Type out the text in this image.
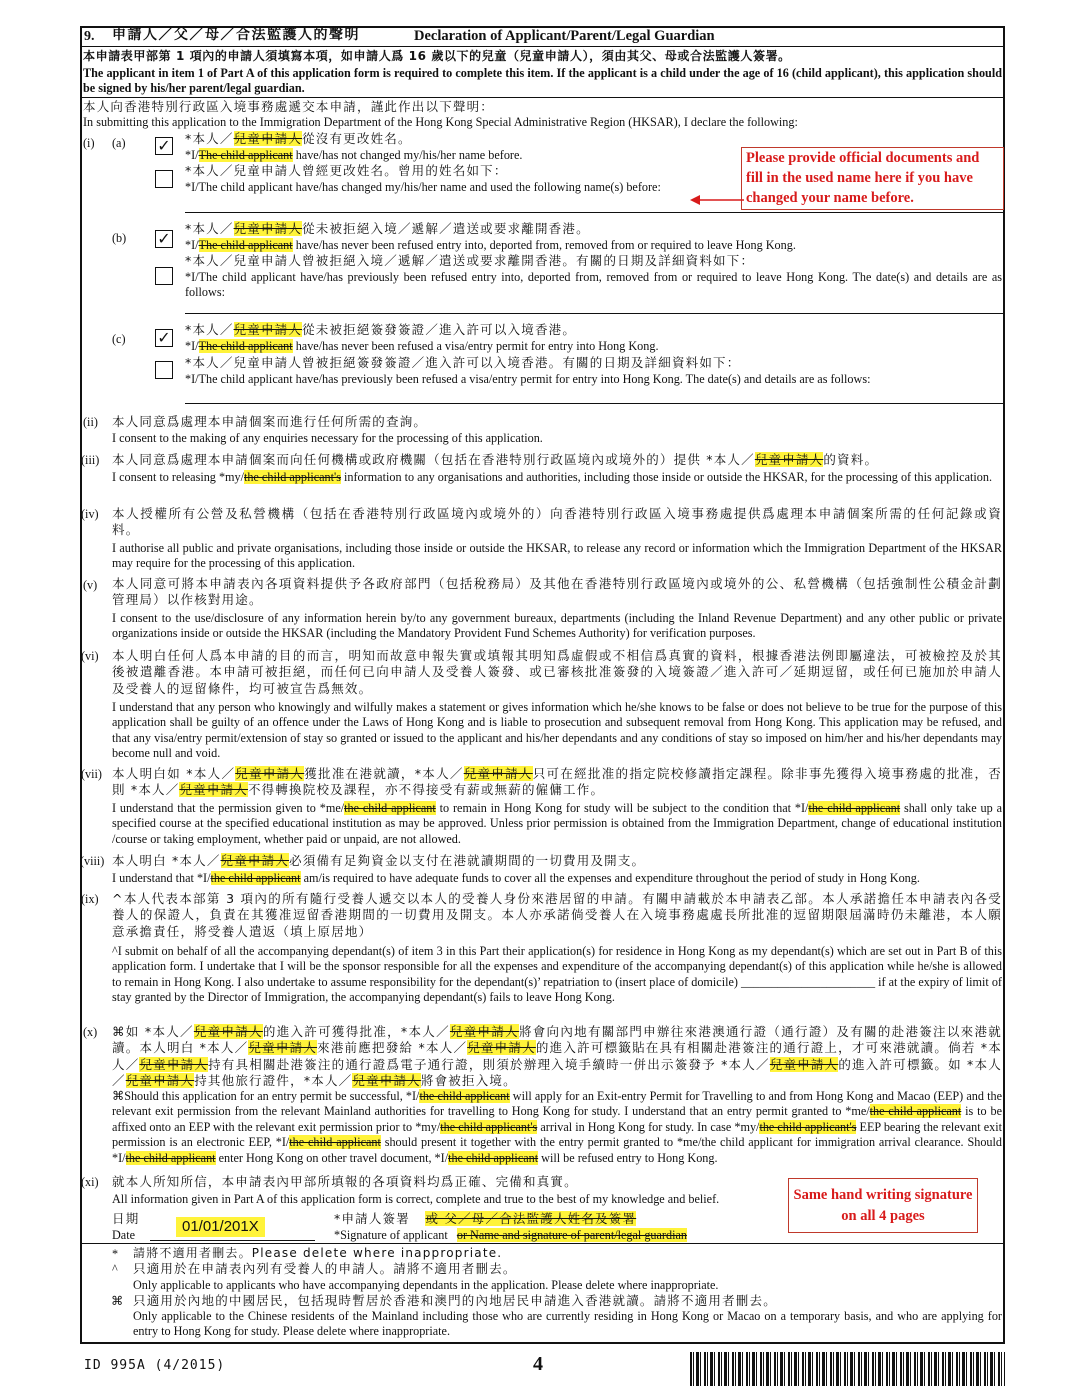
9. 申請人／父／母／合法監護人的聲明	Declaration of Applicant/Parent/Legal Guardian
本申請表甲部第 1 項內的申請人須填寫本項，如申請人爲 16 歲以下的兒童（兒童申請人），須由其父、母或合法監護人簽署。
The applicant in item 1 of Part A of this application form is required to complete this item. If the applicant is a child under the age of 16 (child applicant), this application should be signed by his/her parent/legal guardian.
本人向香港特別行政區入境事務處遞交本申請，謹此作出以下聲明：
In submitting this application to the Immigration Department of the Hong Kong Special Administrative Region (HKSAR), I declare the following:
(i) (a) ✓ *本人／兒童申請人從沒有更改姓名。
*I/The child applicant have/has not changed my/his/her name before.
*本人／兒童申請人曾經更改姓名。曾用的姓名如下：
*I/The child applicant have/has changed my/his/her name and used the following name(s) before:
Please provide official documents and fill in the used name here if you have changed your name before.
(b) ✓
*本人／兒童申請人從未被拒絕入境／遞解／遣送或要求離開香港。
*I/The child applicant have/has never been refused entry into, deported from, removed from or required to leave Hong Kong.
*本人／兒童申請人曾被拒絕入境／遞解／遣送或要求離開香港。有關的日期及詳細資料如下：
*I/The child applicant have/has previously been refused entry into, deported from, removed from or required to leave Hong Kong. The date(s) and details are as follows:
(c) ✓ *本人／兒童申請人從未被拒絕簽發簽證／進入許可以入境香港。
*I/The child applicant have/has never been refused a visa/entry permit for entry into Hong Kong.
*本人／兒童申請人曾被拒絕簽發簽證／進入許可以入境香港。有關的日期及詳細資料如下：
*I/The child applicant have/has previously been refused a visa/entry permit for entry into Hong Kong. The date(s) and details are as follows:
(ii) 本人同意爲處理本申請個案而進行任何所需的查詢。
I consent to the making of any enquiries necessary for the processing of this application.
(iii) 本人同意爲處理本申請個案而向任何機構或政府機關（包括在香港特別行政區境內或境外的）提供 *本人／兒童申請人的資料。
I consent to releasing *my/the child applicant's information to any organisations and authorities, including those inside or outside the HKSAR, for the processing of this application.
(iv) 本人授權所有公營及私營機構（包括在香港特別行政區境內或境外的）向香港特別行政區入境事務處提供爲處理本申請個案所需的任何記錄或資料。
I authorise all public and private organisations, including those inside or outside the HKSAR, to release any record or information which the Immigration Department of the HKSAR may require for the processing of this application.
(v) 本人同意可將本申請表內各項資料提供予各政府部門（包括稅務局）及其他在香港特別行政區境內或境外的公、私營機構（包括強制性公積金計劃管理局）以作核對用途。
I consent to the use/disclosure of any information herein by/to any government bureaux, departments (including the Inland Revenue Department) and any other public or private organizations inside or outside the HKSAR (including the Mandatory Provident Fund Schemes Authority) for verification purposes.
(vi) 本人明白任何人爲本申請的目的而言，明知而故意申報失實或填報其明知爲虛假或不相信爲真實的資料，根據香港法例即屬違法，可被檢控及於其後被遣離香港。本申請可被拒絕，而任何已向申請人及受養人簽發、或已審核批准簽發的入境簽證／進入許可／延期逗留，或任何已施加於申請人及受養人的逗留條件，均可被宣告爲無效。
I understand that any person who knowingly and wilfully makes a statement or gives information which he/she knows to be false or does not believe to be true for the purpose of this application shall be guilty of an offence under the Laws of Hong Kong and is liable to prosecution and subsequent removal from Hong Kong. This application may be refused, and that any visa/entry permit/extension of stay so granted or issued to the applicant and his/her dependants and any conditions of stay so imposed on him/her and his/her dependants may become null and void.
(vii) 本人明白如 *本人／兒童申請人獲批准在港就讀，*本人／兒童申請人只可在經批准的指定院校修讀指定課程。除非事先獲得入境事務處的批准，否則 *本人／兒童申請人不得轉換院校及課程，亦不得接受有薪或無薪的僱傭工作。
I understand that the permission given to *me/the child applicant to remain in Hong Kong for study will be subject to the condition that *I/the child applicant shall only take up a specified course at the specified educational institution as may be approved. Unless prior permission is obtained from the Immigration Department, change of educational institution /course or taking employment, whether paid or unpaid, are not allowed.
(viii) 本人明白 *本人／兒童申請人必須備有足夠資金以支付在港就讀期間的一切費用及開支。
I understand that *I/the child applicant am/is required to have adequate funds to cover all the expenses and expenditure throughout the period of study in Hong Kong.
(ix) ^本人代表本部第 3 項內的所有隨行受養人遞交以本人的受養人身份來港居留的申請。有關申請載於本申請表乙部。本人承諾擔任本申請表內各受養人的保證人，負責在其獲准逗留香港期間的一切費用及開支。本人亦承諾倘受養人在入境事務處處長所批准的逗留期限屆滿時仍未離港，本人願意承擔責任，將受養人遣返（填上原居地）
^I submit on behalf of all the accompanying dependant(s) of item 3 in this Part their application(s) for residence in Hong Kong as my dependant(s) which are set out in Part B of this application form. I undertake that I will be the sponsor responsible for all the expenses and expenditure of the accompanying dependant(s) of this application while he/she is allowed to remain in Hong Kong. I also undertake to assume responsibility for the dependant(s)’ repatriation to (insert place of domicile) ______________________ if at the expiry of limit of stay granted by the Director of Immigration, the accompanying dependant(s) fails to leave Hong Kong.
(x) ⌘如 *本人／兒童申請人的進入許可獲得批准，*本人／兒童申請人將會向內地有關部門申辦往來港澳通行證（通行證）及有關的赴港簽注以來港就讀。本人明白 *本人／兒童申請人來港前應把發給 *本人／兒童申請人的進入許可標籤貼在具有相關赴港簽注的通行證上，才可來港就讀。倘若 *本人／兒童申請人持有具相關赴港簽注的通行證爲電子通行證，則須於辦理入境手續時一併出示簽發予 *本人／兒童申請人的進入許可標籤。如 *本人／兒童申請人持其他旅行證件，*本人／兒童申請人將會被拒入境。
⌘Should this application for an entry permit be successful, *I/the child applicant will apply for an Exit-entry Permit for Travelling to and from Hong Kong and Macao (EEP) and the relevant exit permission from the relevant Mainland authorities for travelling to Hong Kong for study. I understand that an entry permit granted to *me/the child applicant is to be affixed onto an EEP with the relevant exit permission prior to *my/the child applicant's arrival in Hong Kong for study. In case *my/the child applicant's EEP bearing the relevant exit permission is an electronic EEP, *I/the child applicant should present it together with the entry permit granted to *me/the child applicant for immigration arrival clearance. Should *I/the child applicant enter Hong Kong on other travel document, *I/the child applicant will be refused entry to Hong Kong.
(xi) 就本人所知所信，本申請表內甲部所填報的各項資料均爲正確、完備和真實。
All information given in Part A of this application form is correct, complete and true to the best of my knowledge and belief.
日期
Date	01/01/201X	*申請人簽署 或 父／母／合法監護人姓名及簽署
*Signature of applicant or Name and signature of parent/legal guardian
Same hand writing signature on all 4 pages
* 請將不適用者刪去。Please delete where inappropriate.
^ 只適用於在申請表內列有受養人的申請人。請將不適用者刪去。
Only applicable to applicants who have accompanying dependants in the application. Please delete where inappropriate.
⌘ 只適用於內地的中國居民，包括現時暫居於香港和澳門的內地居民申請進入香港就讀。請將不適用者刪去。
Only applicable to the Chinese residents of the Mainland including those who are currently residing in Hong Kong or Macao on a temporary basis, and who are applying for entry to Hong Kong for study. Please delete where inappropriate.
ID 995A (4/2015)	4
